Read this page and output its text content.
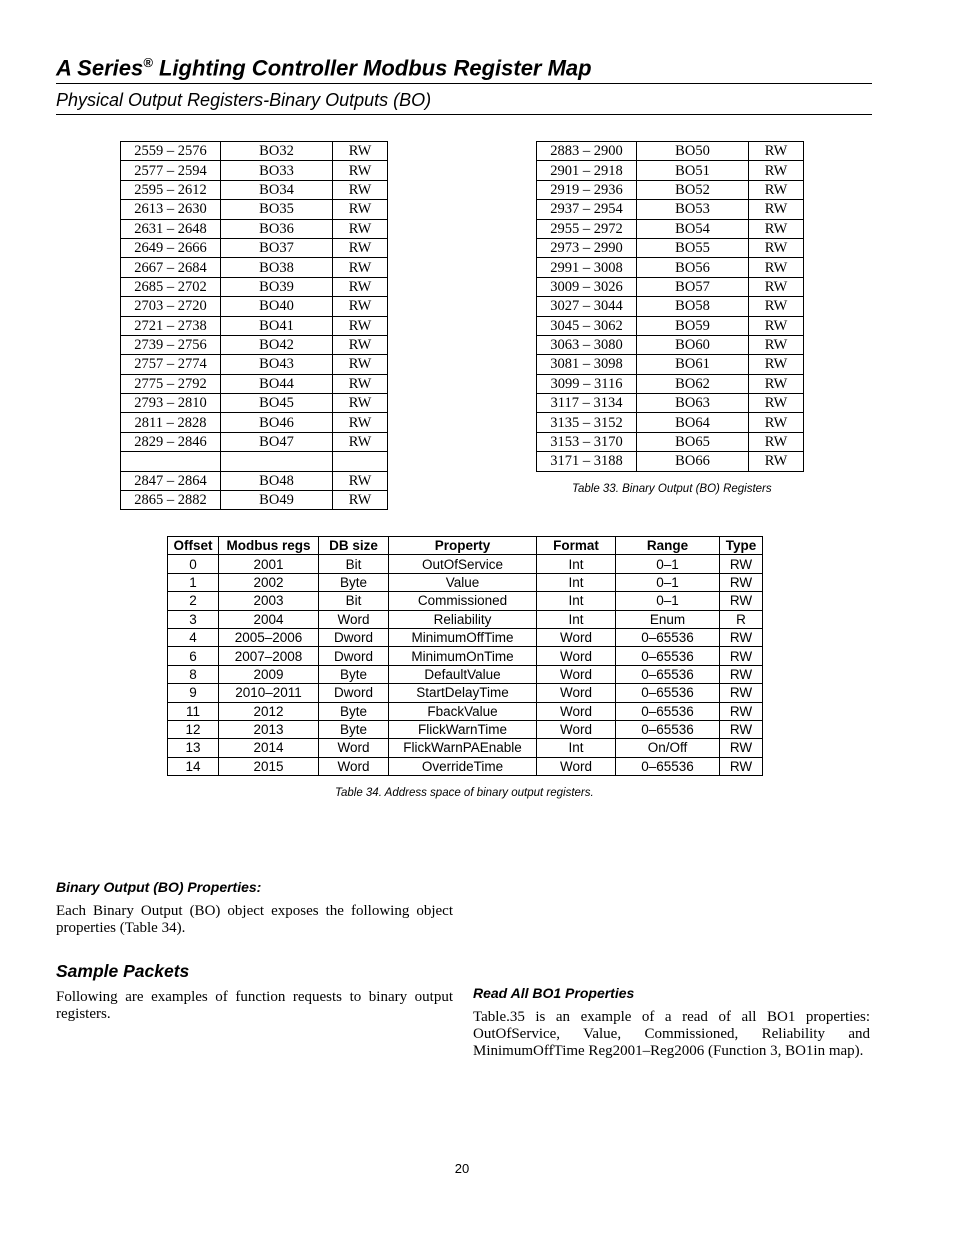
A Series® Lighting Controller Modbus Register Map
Physical Output Registers-Binary Outputs (BO)
2559 – 2576	BO32	RW
2577 – 2594	BO33	RW
2595 – 2612	BO34	RW
2613 – 2630	BO35	RW
2631 – 2648	BO36	RW
2649 – 2666	BO37	RW
2667 – 2684	BO38	RW
2685 – 2702	BO39	RW
2703 – 2720	BO40	RW
2721 – 2738	BO41	RW
2739 – 2756	BO42	RW
2757 – 2774	BO43	RW
2775 – 2792	BO44	RW
2793 – 2810	BO45	RW
2811 – 2828	BO46	RW
2829 – 2846	BO47	RW

2847 – 2864	BO48	RW
2865 – 2882	BO49	RW
2883 – 2900	BO50	RW
2901 – 2918	BO51	RW
2919 – 2936	BO52	RW
2937 – 2954	BO53	RW
2955 – 2972	BO54	RW
2973 – 2990	BO55	RW
2991 – 3008	BO56	RW
3009 – 3026	BO57	RW
3027 – 3044	BO58	RW
3045 – 3062	BO59	RW
3063 – 3080	BO60	RW
3081 – 3098	BO61	RW
3099 – 3116	BO62	RW
3117 – 3134	BO63	RW
3135 – 3152	BO64	RW
3153 – 3170	BO65	RW
3171 – 3188	BO66	RW
Table 33. Binary Output (BO) Registers
Offset	Modbus regs	DB size	Property	Format	Range	Type
0	2001	Bit	OutOfService	Int	0–1	RW
1	2002	Byte	Value	Int	0–1	RW
2	2003	Bit	Commissioned	Int	0–1	RW
3	2004	Word	Reliability	Int	Enum	R
4	2005–2006	Dword	MinimumOffTime	Word	0–65536	RW
6	2007–2008	Dword	MinimumOnTime	Word	0–65536	RW
8	2009	Byte	DefaultValue	Word	0–65536	RW
9	2010–2011	Dword	StartDelayTime	Word	0–65536	RW
11	2012	Byte	FbackValue	Word	0–65536	RW
12	2013	Byte	FlickWarnTime	Word	0–65536	RW
13	2014	Word	FlickWarnPAEnable	Int	On/Off	RW
14	2015	Word	OverrideTime	Word	0–65536	RW
Table 34. Address space of binary output registers.
Binary Output (BO) Properties:
Each Binary Output (BO) object exposes the following object properties (Table 34).
Sample Packets
Following are examples of function requests to binary output registers.
Read All BO1 Properties
Table.35 is an example of a read of all BO1 properties: OutOfService, Value, Commissioned, Reliability and MinimumOffTime Reg2001–Reg2006 (Function 3, BO1in map).
20
